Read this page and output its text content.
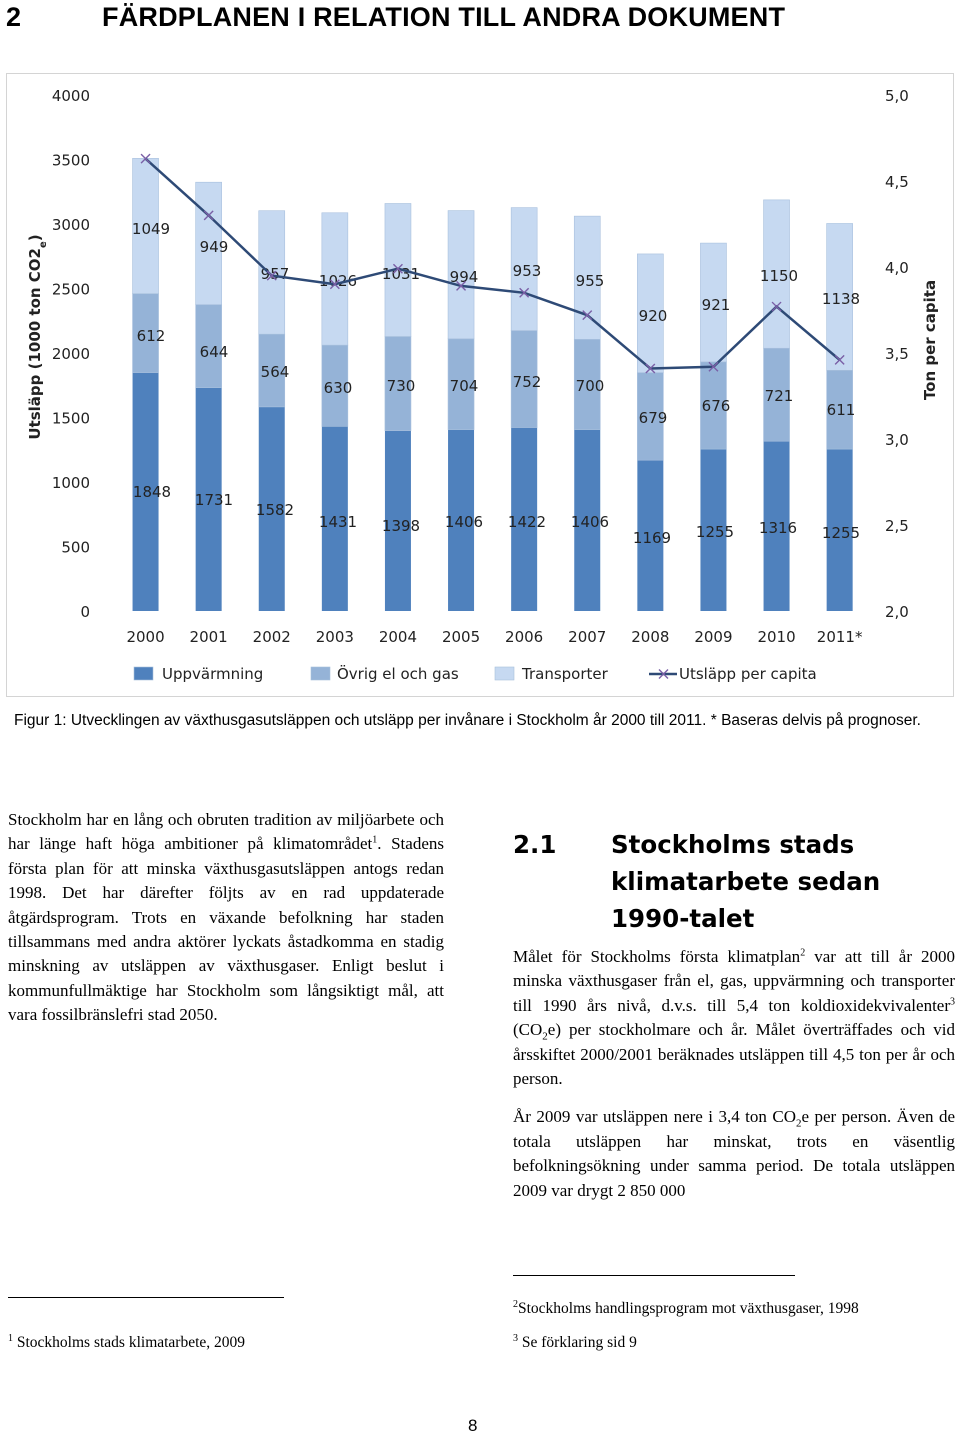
2	FÄRDPLANEN I RELATION TILL ANDRA DOKUMENT
0
500
1000
1500
2000
2500
3000
3500
4000
2,0
2,5
3,0
3,5
4,0
4,5
5,0
Utsläpp (1000 ton $CO2_e$)
Ton per capita
1848 1731
1582
1431 1398 1406 1422 1406
1169 1255 1316 1255
612
644
564
630 730 704 752 700
679
676
721
611
1049
949
957 1026 1031 994 953
955
920
921
1150
1138
2000 2001 2002 2003 2004 2005 2006 2007 2008 2009 2010 2011*
Uppvärmning	Övrig el och gas	Transporter	Utsläpp per capita
Figur 1: Utvecklingen av växthusgasutsläppen och utsläpp per invånare i Stockholm år 2000 till 2011. * Baseras delvis på prognoser.

Stockholm har en lång och obruten tradition av miljöarbete och har länge haft höga ambitioner på klimatområdet$^1$. Stadens första plan för att minska växthusgasutsläppen antogs redan 1998. Det har därefter följts av en rad uppdaterade åtgärdsprogram. Trots en växande befolkning har staden tillsammans med andra aktörer lyckats åstadkomma en stadig minskning av utsläppen av växthusgaser. Enligt beslut i kommunfullmäktige har Stockholm som långsiktigt mål, att vara fossilbränslefri stad 2050.

2.1 Stockholms stads klimatarbete sedan 1990-talet

Målet för Stockholms första klimatplan$^2$ var att till år 2000 minska växthusgaser från el, gas, uppvärmning och transporter till 1990 års nivå, d.v.s. till 5,4 ton koldioxidekvivalenter$^3$ $(CO_2e)$ per stockholmare och år. Målet överträffades och vid årsskiftet 2000/2001 beräknades utsläppen till 4,5 ton per år och person.

År 2009 var utsläppen nere i 3,4 ton $CO_2e$ per person. Även de totala utsläppen har minskat, trots en väsentlig befolkningsökning under samma period. De totala utsläppen 2009 var drygt 2 850 000

$^2$Stockholms handlingsprogram mot växthusgaser, 1998
$^3$ Se förklaring sid 9
$^1$ Stockholms stads klimatarbete, 2009
8
